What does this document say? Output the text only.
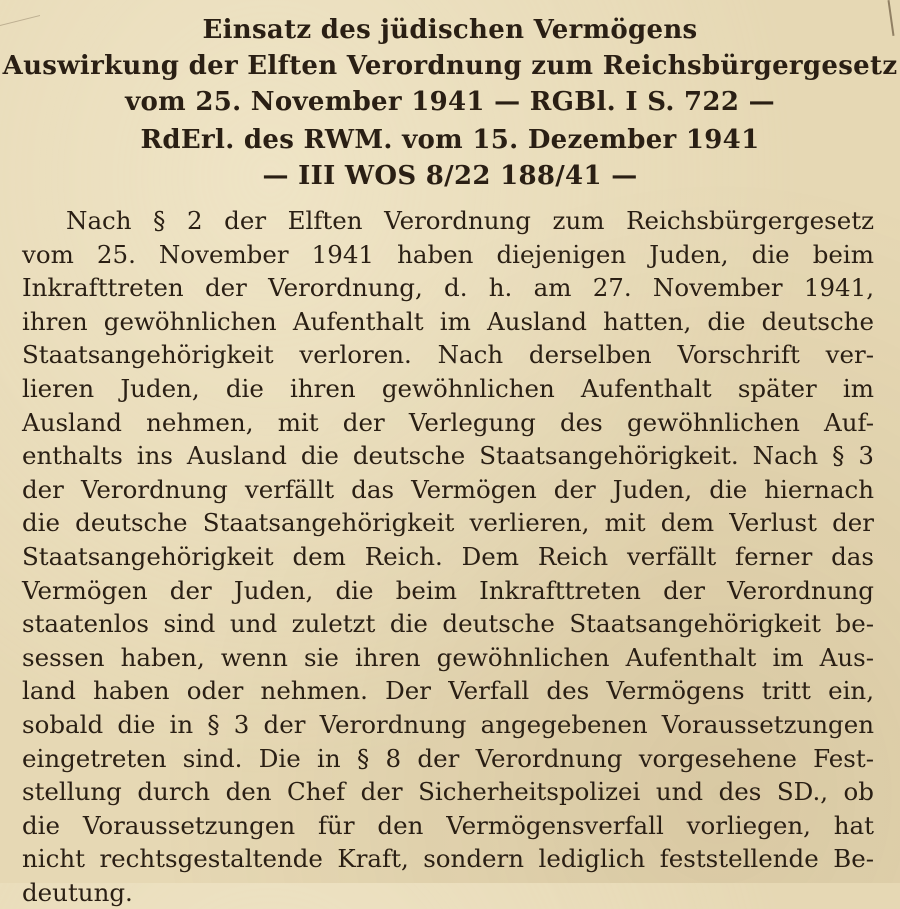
Einsatz des jüdischen Vermögens
Auswirkung der Elften Verordnung zum Reichsbürgergesetz
vom 25. November 1941 — RGBl. I S. 722 —
RdErl. des RWM. vom 15. Dezember 1941
— III WOS 8/22 188/41 —
Nach § 2 der Elften Verordnung zum Reichsbürgergesetz
vom 25. November 1941 haben diejenigen Juden, die beim
Inkrafttreten der Verordnung, d. h. am 27. November 1941,
ihren gewöhnlichen Aufenthalt im Ausland hatten, die deutsche
Staatsangehörigkeit verloren. Nach derselben Vorschrift ver-
lieren Juden, die ihren gewöhnlichen Aufenthalt später im
Ausland nehmen, mit der Verlegung des gewöhnlichen Auf-
enthalts ins Ausland die deutsche Staatsangehörigkeit. Nach § 3
der Verordnung verfällt das Vermögen der Juden, die hiernach
die deutsche Staatsangehörigkeit verlieren, mit dem Verlust der
Staatsangehörigkeit dem Reich. Dem Reich verfällt ferner das
Vermögen der Juden, die beim Inkrafttreten der Verordnung
staatenlos sind und zuletzt die deutsche Staatsangehörigkeit be-
sessen haben, wenn sie ihren gewöhnlichen Aufenthalt im Aus-
land haben oder nehmen. Der Verfall des Vermögens tritt ein,
sobald die in § 3 der Verordnung angegebenen Voraussetzungen
eingetreten sind. Die in § 8 der Verordnung vorgesehene Fest-
stellung durch den Chef der Sicherheitspolizei und des SD., ob
die Voraussetzungen für den Vermögensverfall vorliegen, hat
nicht rechtsgestaltende Kraft, sondern lediglich feststellende Be-
deutung.
